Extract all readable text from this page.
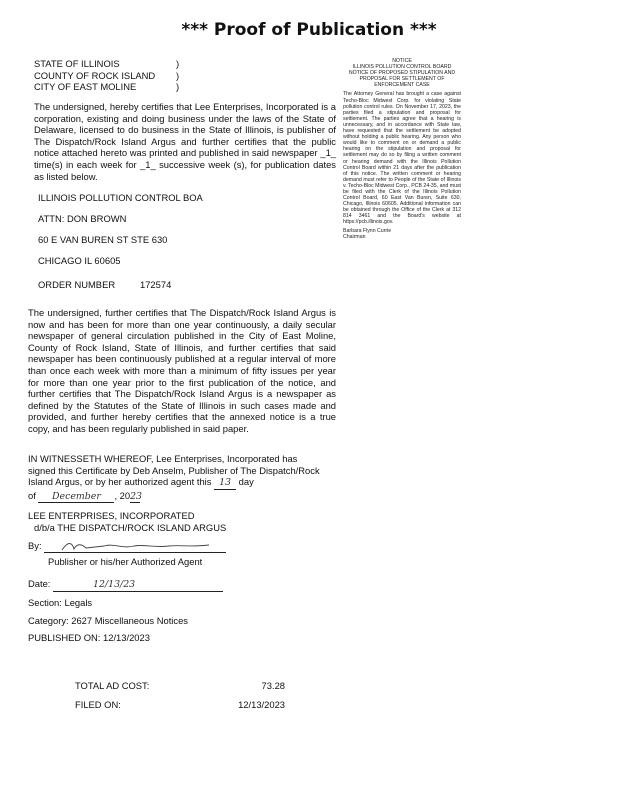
*** Proof of Publication ***
STATE OF ILLINOIS	)
COUNTY OF ROCK ISLAND	)
CITY OF EAST MOLINE	)
The undersigned, hereby certifies that Lee Enterprises, Incorporated is a corporation, existing and doing business under the laws of the State of Delaware, licensed to do business in the State of Illinois, is publisher of The Dispatch/Rock Island Argus and further certifies that the public notice attached hereto was printed and published in said newspaper _1_ time(s) in each week for _1_ successive week (s), for publication dates as listed below.
ILLINOIS POLLUTION CONTROL BOA
ATTN: DON BROWN
60 E VAN BUREN ST STE 630
CHICAGO IL 60605
ORDER NUMBER	172574
The undersigned, further certifies that The Dispatch/Rock Island Argus is now and has been for more than one year continuously, a daily secular newspaper of general circulation published in the City of East Moline, County of Rock Island, State of Illinois, and further certifies that said newspaper has been continuously published at a regular interval of more than once each week with more than a minimum of fifty issues per year for more than one year prior to the first publication of the notice, and further certifies that The Dispatch/Rock Island Argus is a newspaper as defined by the Statutes of the State of Illinois in such cases made and provided, and further hereby certifies that the annexed notice is a true copy, and has been regularly published in said paper.
IN WITNESSETH WHEREOF, Lee Enterprises, Incorporated has signed this Certificate by Deb Anselm, Publisher of The Dispatch/Rock Island Argus, or by her authorized agent this 13 day
of December , 2023
LEE ENTERPRISES, INCORPORATED
d/b/a THE DISPATCH/ROCK ISLAND ARGUS
By:
Publisher or his/her Authorized Agent
Date:	12/13/23
Section: Legals
Category: 2627 Miscellaneous Notices
PUBLISHED ON: 12/13/2023
TOTAL AD COST:	73.28
FILED ON:	12/13/2023
NOTICE
ILLINOIS POLLUTION CONTROL BOARD
NOTICE OF PROPOSED STIPULATION AND PROPOSAL FOR SETTLEMENT OF ENFORCEMENT CASE
The Attorney General has brought a case against Techo-Bloc Midwest Corp. for violating State pollution control rules. On November 17, 2023, the parties filed a stipulation and proposal for settlement. The parties agree that a hearing is unnecessary, and in accordance with State law, have requested that the settlement be adopted without holding a public hearing. Any person who would like to comment on or demand a public hearing on the stipulation and proposal for settlement may do so by filing a written comment or hearing demand with the Illinois Pollution Control Board within 21 days after the publication of this notice. The written comment or hearing demand must refer to People of the State of Illinois v. Techo-Bloc Midwest Corp., PCB 24-35, and must be filed with the Clerk of the Illinois Pollution Control Board, 60 East Van Buren, Suite 630, Chicago, Illinois 60605. Additional information can be obtained through the Office of the Clerk at 312 814 3461 and the Board's website at https://pcb.illinois.gov.
Barbara Flynn Currie
Chairman
